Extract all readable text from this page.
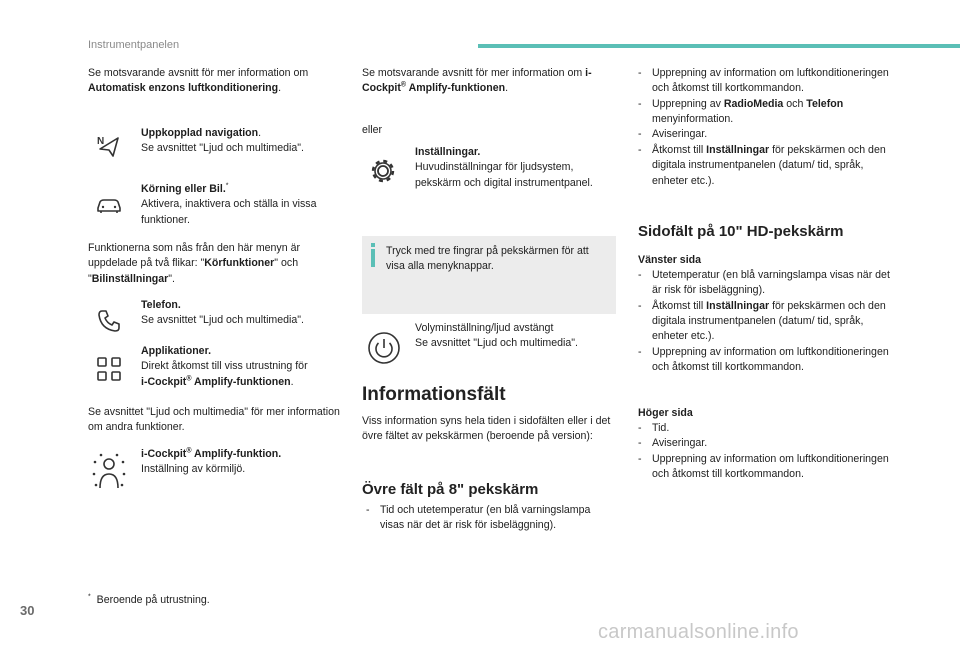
Instrumentpanelen

Se motsvarande avsnitt för mer information om Automatisk enzons luftkonditionering.

N
Uppkopplad navigation.
Se avsnittet "Ljud och multimedia".
Körning eller Bil.*
Aktivera, inaktivera och ställa in vissa funktioner.

Funktionerna som nås från den här menyn är uppdelade på två flikar: "Körfunktioner" och "Bilinställningar".

Telefon.
Se avsnittet "Ljud och multimedia".
Applikationer.
Direkt åtkomst till viss utrustning för
i-Cockpit® Amplify-funktionen.

Se avsnittet "Ljud och multimedia" för mer information om andra funktioner.

i-Cockpit® Amplify-funktion.
Inställning av körmiljö.

* Beroende på utrustning.

Se motsvarande avsnitt för mer information om i-Cockpit® Amplify-funktionen.

eller

Inställningar.
Huvudinställningar för ljudsystem, pekskärm och digital instrumentpanel.
Tryck med tre fingrar på pekskärmen för att visa alla menyknappar.
Volyminställning/ljud avstängt
Se avsnittet "Ljud och multimedia".
Informationsfält

Viss information syns hela tiden i sidofälten eller i det övre fältet av pekskärmen (beroende på version):

Övre fält på 8" pekskärm
- Tid och utetemperatur (en blå varningslampa visas när det är risk för isbeläggning).
- Upprepning av information om luftkonditioneringen och åtkomst till kortkommandon.
- Upprepning av RadioMedia och Telefon menyinformation.
- Aviseringar.
- Åtkomst till Inställningar för pekskärmen och den digitala instrumentpanelen (datum/ tid, språk, enheter etc.).
Sidofält på 10" HD-pekskärm
Vänster sida
- Utetemperatur (en blå varningslampa visas när det är risk för isbeläggning).
- Åtkomst till Inställningar för pekskärmen och den digitala instrumentpanelen (datum/ tid, språk, enheter etc.).
- Upprepning av information om luftkonditioneringen och åtkomst till kortkommandon.
Höger sida
- Tid.
- Aviseringar.
- Upprepning av information om luftkonditioneringen och åtkomst till kortkommandon.
30
carmanualsonline.info
